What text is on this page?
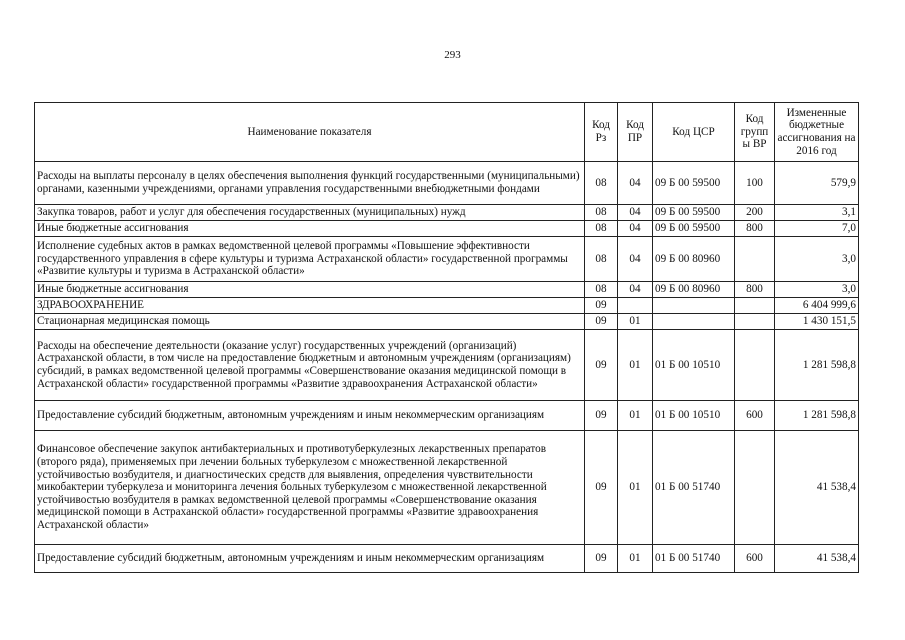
293
Наименование показателя	Код Рз	Код ПР	Код ЦСР	Код группы ВР	Измененные бюджетные ассигнования на 2016 год
Расходы на выплаты персоналу в целях обеспечения выполнения функций государственными (муниципальными) органами, казенными учреждениями, органами управления государственными внебюджетными фондами	08	04	09 Б 00 59500	100	579,9
Закупка товаров, работ и услуг для обеспечения государственных (муниципальных) нужд	08	04	09 Б 00 59500	200	3,1
Иные бюджетные ассигнования	08	04	09 Б 00 59500	800	7,0
Исполнение судебных актов в рамках ведомственной целевой программы «Повышение эффективности государственного управления в сфере культуры и туризма Астраханской области» государственной программы «Развитие культуры и туризма в Астраханской области»	08	04	09 Б 00 80960		3,0
Иные бюджетные ассигнования	08	04	09 Б 00 80960	800	3,0
ЗДРАВООХРАНЕНИЕ	09				6 404 999,6
Стационарная медицинская помощь	09	01			1 430 151,5
Расходы на обеспечение деятельности (оказание услуг) государственных учреждений (организаций) Астраханской области, в том числе на предоставление бюджетным и автономным учреждениям (организациям) субсидий, в рамках ведомственной целевой программы «Совершенствование оказания медицинской помощи в Астраханской области» государственной программы «Развитие здравоохранения Астраханской области»	09	01	01 Б 00 10510		1 281 598,8
Предоставление субсидий бюджетным, автономным учреждениям и иным некоммерческим организациям	09	01	01 Б 00 10510	600	1 281 598,8
Финансовое обеспечение закупок антибактериальных и противотуберкулезных лекарственных препаратов (второго ряда), применяемых при лечении больных туберкулезом с множественной лекарственной устойчивостью возбудителя, и диагностических средств для выявления, определения чувствительности микобактерии туберкулеза и мониторинга лечения больных туберкулезом с множественной лекарственной устойчивостью возбудителя в рамках ведомственной целевой программы «Совершенствование оказания медицинской помощи в Астраханской области» государственной программы «Развитие здравоохранения Астраханской области»	09	01	01 Б 00 51740		41 538,4
Предоставление субсидий бюджетным, автономным учреждениям и иным некоммерческим организациям	09	01	01 Б 00 51740	600	41 538,4
